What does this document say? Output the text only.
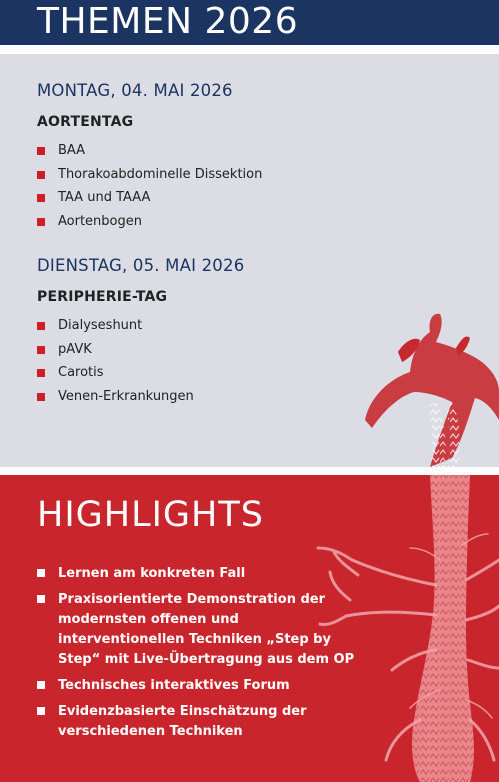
THEMEN 2026
MONTAG, 04. MAI 2026
AORTENTAG
BAA
Thorakoabdominelle Dissektion
TAA und TAAA
Aortenbogen
DIENSTAG, 05. MAI 2026
PERIPHERIE-TAG
Dialyseshunt
pAVK
Carotis
Venen-Erkrankungen
HIGHLIGHTS
Lernen am konkreten Fall
Praxisorientierte Demonstration der modernsten offenen und interventionellen Techniken „Step by Step“ mit Live-Übertragung aus dem OP
Technisches interaktives Forum
Evidenzbasierte Einschätzung der verschiedenen Techniken
